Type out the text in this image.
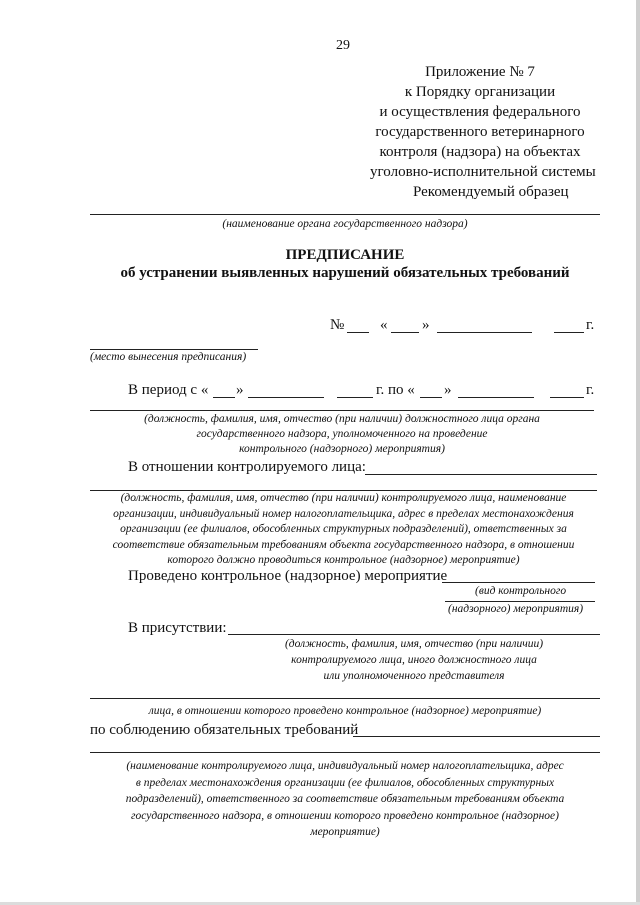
29
Приложение № 7
к Порядку организации
и осуществления федерального
государственного ветеринарного
контроля (надзора) на объектах
уголовно-исполнительной системы
Рекомендуемый образец
(наименование органа государственного надзора)
ПРЕДПИСАНИЕ
об устранении выявленных нарушений обязательных требований
№ « »	г.
(место вынесения предписания)
В период с « »	г. по « »	г.
(должность, фамилия, имя, отчество (при наличии) должностного лица органа
государственного надзора, уполномоченного на проведение
контрольного (надзорного) мероприятия)
В отношении контролируемого лица:
(должность, фамилия, имя, отчество (при наличии) контролируемого лица, наименование
организации, индивидуальный номер налогоплательщика, адрес в пределах местонахождения
организации (ее филиалов, обособленных структурных подразделений), ответственных за
соответствие обязательным требованиям объекта государственного надзора, в отношении
которого должно проводиться контрольное (надзорное) мероприятие)
Проведено контрольное (надзорное) мероприятие
(вид контрольного
(надзорного) мероприятия)
В присутствии:
(должность, фамилия, имя, отчество (при наличии)
контролируемого лица, иного должностного лица
или уполномоченного представителя
лица, в отношении которого проведено контрольное (надзорное) мероприятие)
по соблюдению обязательных требований
(наименование контролируемого лица, индивидуальный номер налогоплательщика, адрес
в пределах местонахождения организации (ее филиалов, обособленных структурных
подразделений), ответственного за соответствие обязательным требованиям объекта
государственного надзора, в отношении которого проведено контрольное (надзорное)
мероприятие)
